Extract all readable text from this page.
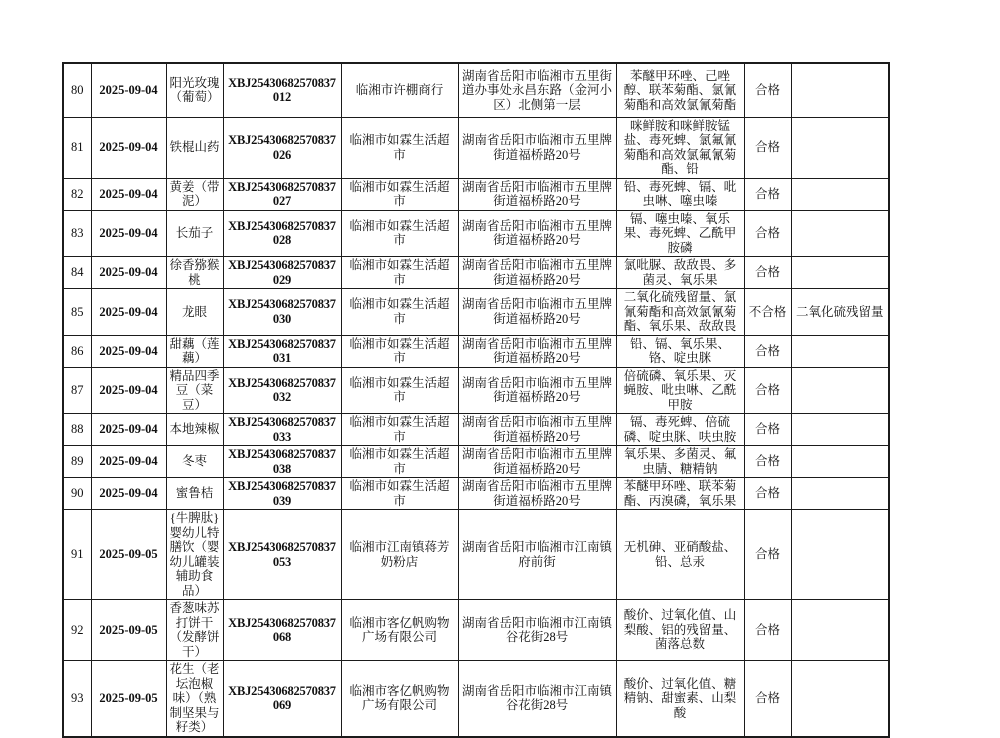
80	2025-09-04	阳光玫瑰（葡萄）	XBJ25430682570837012	临湘市许棚商行	湖南省岳阳市临湘市五里街道办事处永昌东路（金河小区）北侧第一层	苯醚甲环唑、己唑醇、联苯菊酯、氯氰菊酯和高效氯氰菊酯	合格	
81	2025-09-04	铁棍山药	XBJ25430682570837026	临湘市如霖生活超市	湖南省岳阳市临湘市五里牌街道福桥路20号	咪鲜胺和咪鲜胺锰盐、毒死蜱、氯氟氰菊酯和高效氯氟氰菊酯、铅	合格	
82	2025-09-04	黄姜（带泥）	XBJ25430682570837027	临湘市如霖生活超市	湖南省岳阳市临湘市五里牌街道福桥路20号	铅、毒死蜱、镉、吡虫啉、噻虫嗪	合格	
83	2025-09-04	长茄子	XBJ25430682570837028	临湘市如霖生活超市	湖南省岳阳市临湘市五里牌街道福桥路20号	镉、噻虫嗪、氧乐果、毒死蜱、乙酰甲胺磷	合格	
84	2025-09-04	徐香猕猴桃	XBJ25430682570837029	临湘市如霖生活超市	湖南省岳阳市临湘市五里牌街道福桥路20号	氯吡脲、敌敌畏、多菌灵、氧乐果	合格	
85	2025-09-04	龙眼	XBJ25430682570837030	临湘市如霖生活超市	湖南省岳阳市临湘市五里牌街道福桥路20号	二氧化硫残留量、氯氰菊酯和高效氯氰菊酯、氧乐果、敌敌畏	不合格	二氧化硫残留量
86	2025-09-04	甜藕（莲藕）	XBJ25430682570837031	临湘市如霖生活超市	湖南省岳阳市临湘市五里牌街道福桥路20号	铅、镉、氧乐果、铬、啶虫脒	合格	
87	2025-09-04	精品四季豆（菜豆）	XBJ25430682570837032	临湘市如霖生活超市	湖南省岳阳市临湘市五里牌街道福桥路20号	倍硫磷、氧乐果、灭蝇胺、吡虫啉、乙酰甲胺	合格	
88	2025-09-04	本地辣椒	XBJ25430682570837033	临湘市如霖生活超市	湖南省岳阳市临湘市五里牌街道福桥路20号	镉、毒死蜱、倍硫磷、啶虫脒、呋虫胺	合格	
89	2025-09-04	冬枣	XBJ25430682570837038	临湘市如霖生活超市	湖南省岳阳市临湘市五里牌街道福桥路20号	氧乐果、多菌灵、氟虫腈、糖精钠	合格	
90	2025-09-04	蜜鲁桔	XBJ25430682570837039	临湘市如霖生活超市	湖南省岳阳市临湘市五里牌街道福桥路20号	苯醚甲环唑、联苯菊酯、丙溴磷，氧乐果	合格	
91	2025-09-05	{牛脾肽}婴幼儿特膳饮（婴幼儿罐装辅助食品）	XBJ25430682570837053	临湘市江南镇蒋芳奶粉店	湖南省岳阳市临湘市江南镇府前街	无机砷、亚硝酸盐、铅、总汞	合格	
92	2025-09-05	香葱味苏打饼干（发酵饼干）	XBJ25430682570837068	临湘市客亿帆购物广场有限公司	湖南省岳阳市临湘市江南镇谷花街28号	酸价、过氧化值、山梨酸、铝的残留量、菌落总数	合格	
93	2025-09-05	花生（老坛泡椒味）（熟制坚果与籽类）	XBJ25430682570837069	临湘市客亿帆购物广场有限公司	湖南省岳阳市临湘市江南镇谷花街28号	酸价、过氧化值、糖精钠、甜蜜素、山梨酸	合格	
